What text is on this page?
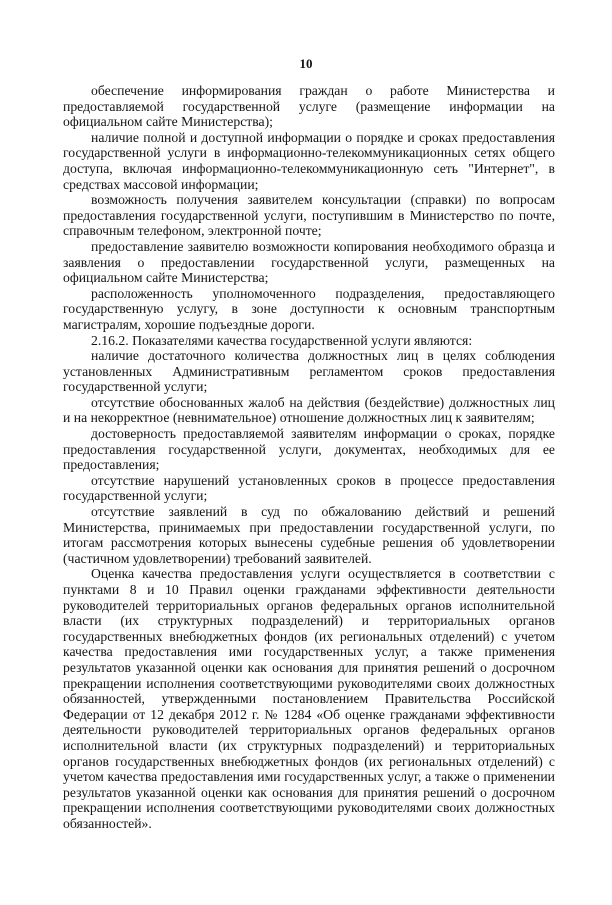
10

обеспечение информирования граждан о работе Министерства и предоставляемой государственной услуге (размещение информации на официальном сайте Министерства);

наличие полной и доступной информации о порядке и сроках предоставления государственной услуги в информационно-телекоммуникационных сетях общего доступа, включая информационно-телекоммуникационную сеть "Интернет", в средствах массовой информации;

возможность получения заявителем консультации (справки) по вопросам предоставления государственной услуги, поступившим в Министерство по почте, справочным телефоном, электронной почте;

предоставление заявителю возможности копирования необходимого образца и заявления о предоставлении государственной услуги, размещенных на официальном сайте Министерства;

расположенность уполномоченного подразделения, предоставляющего государственную услугу, в зоне доступности к основным транспортным магистралям, хорошие подъездные дороги.

2.16.2. Показателями качества государственной услуги являются:

наличие достаточного количества должностных лиц в целях соблюдения установленных Административным регламентом сроков предоставления государственной услуги;

отсутствие обоснованных жалоб на действия (бездействие) должностных лиц и на некорректное (невнимательное) отношение должностных лиц к заявителям;

достоверность предоставляемой заявителям информации о сроках, порядке предоставления государственной услуги, документах, необходимых для ее предоставления;

отсутствие нарушений установленных сроков в процессе предоставления государственной услуги;

отсутствие заявлений в суд по обжалованию действий и решений Министерства, принимаемых при предоставлении государственной услуги, по итогам рассмотрения которых вынесены судебные решения об удовлетворении (частичном удовлетворении) требований заявителей.

Оценка качества предоставления услуги осуществляется в соответствии с пунктами 8 и 10 Правил оценки гражданами эффективности деятельности руководителей территориальных органов федеральных органов исполнительной власти (их структурных подразделений) и территориальных органов государственных внебюджетных фондов (их региональных отделений) с учетом качества предоставления ими государственных услуг, а также применения результатов указанной оценки как основания для принятия решений о досрочном прекращении исполнения соответствующими руководителями своих должностных обязанностей, утвержденными постановлением Правительства Российской Федерации от 12 декабря 2012 г. № 1284 «Об оценке гражданами эффективности деятельности руководителей территориальных органов федеральных органов исполнительной власти (их структурных подразделений) и территориальных органов государственных внебюджетных фондов (их региональных отделений) с учетом качества предоставления ими государственных услуг, а также о применении результатов указанной оценки как основания для принятия решений о досрочном прекращении исполнения соответствующими руководителями своих должностных обязанностей».
